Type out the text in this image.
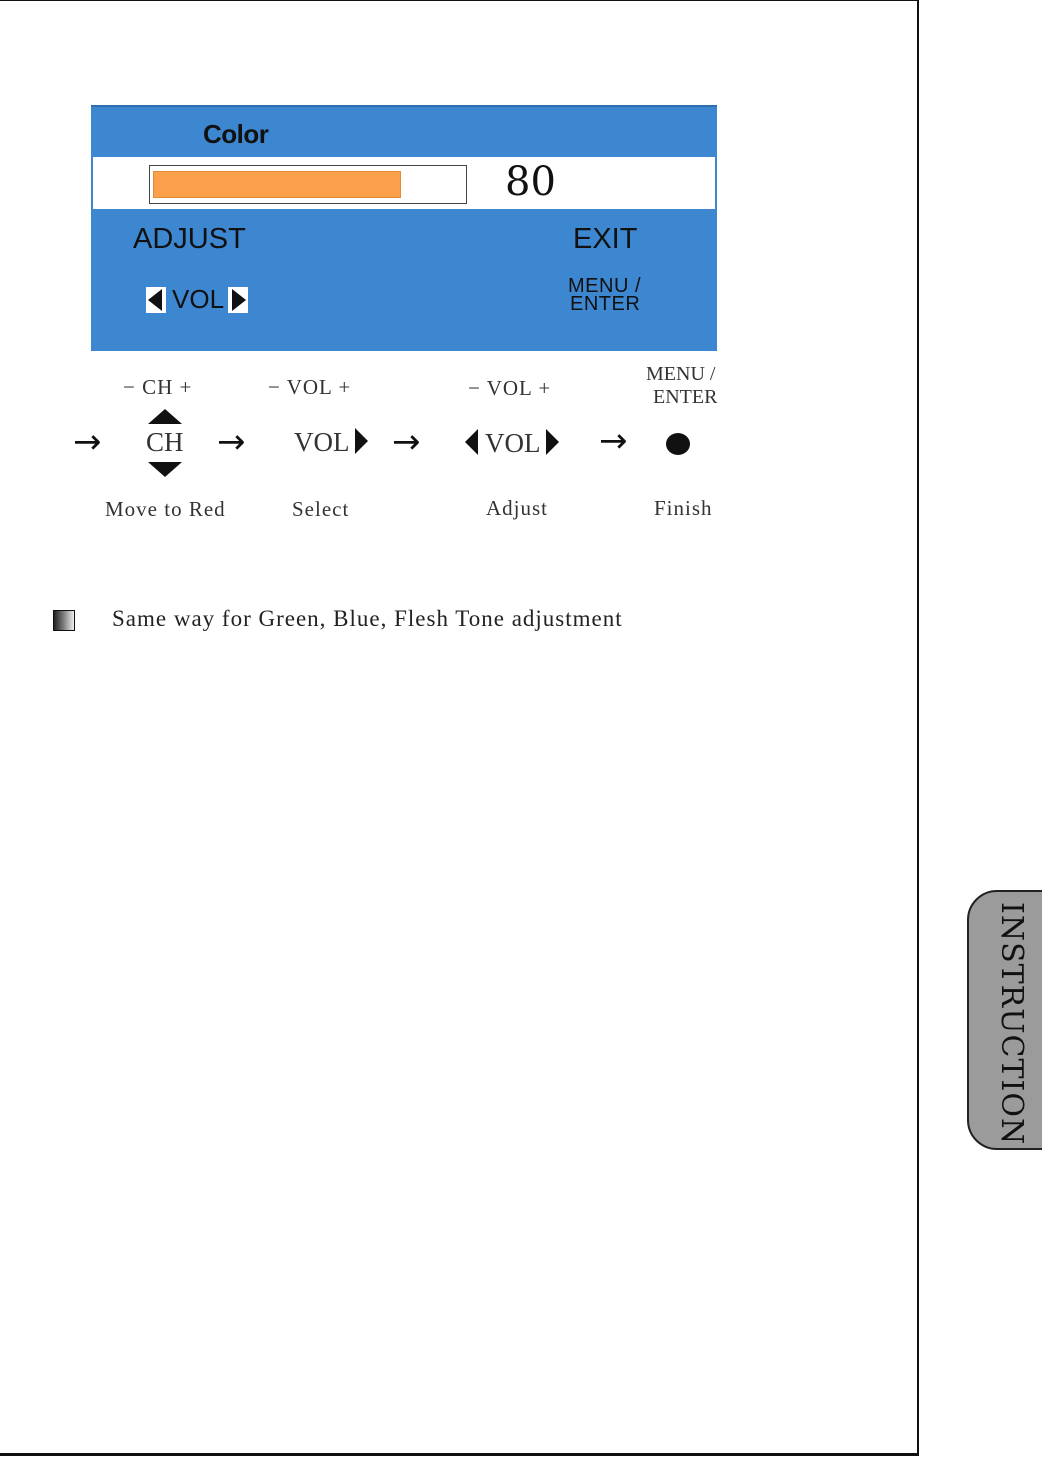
Color
80
ADJUST	EXIT
VOL	MENU /
ENTER
− CH +	− VOL +	− VOL +
MENU /
ENTER
→ CH → VOL → VOL →
Move to Red	Select	Adjust	Finish
Same way for Green, Blue, Flesh Tone adjustment
INSTRUCTION
